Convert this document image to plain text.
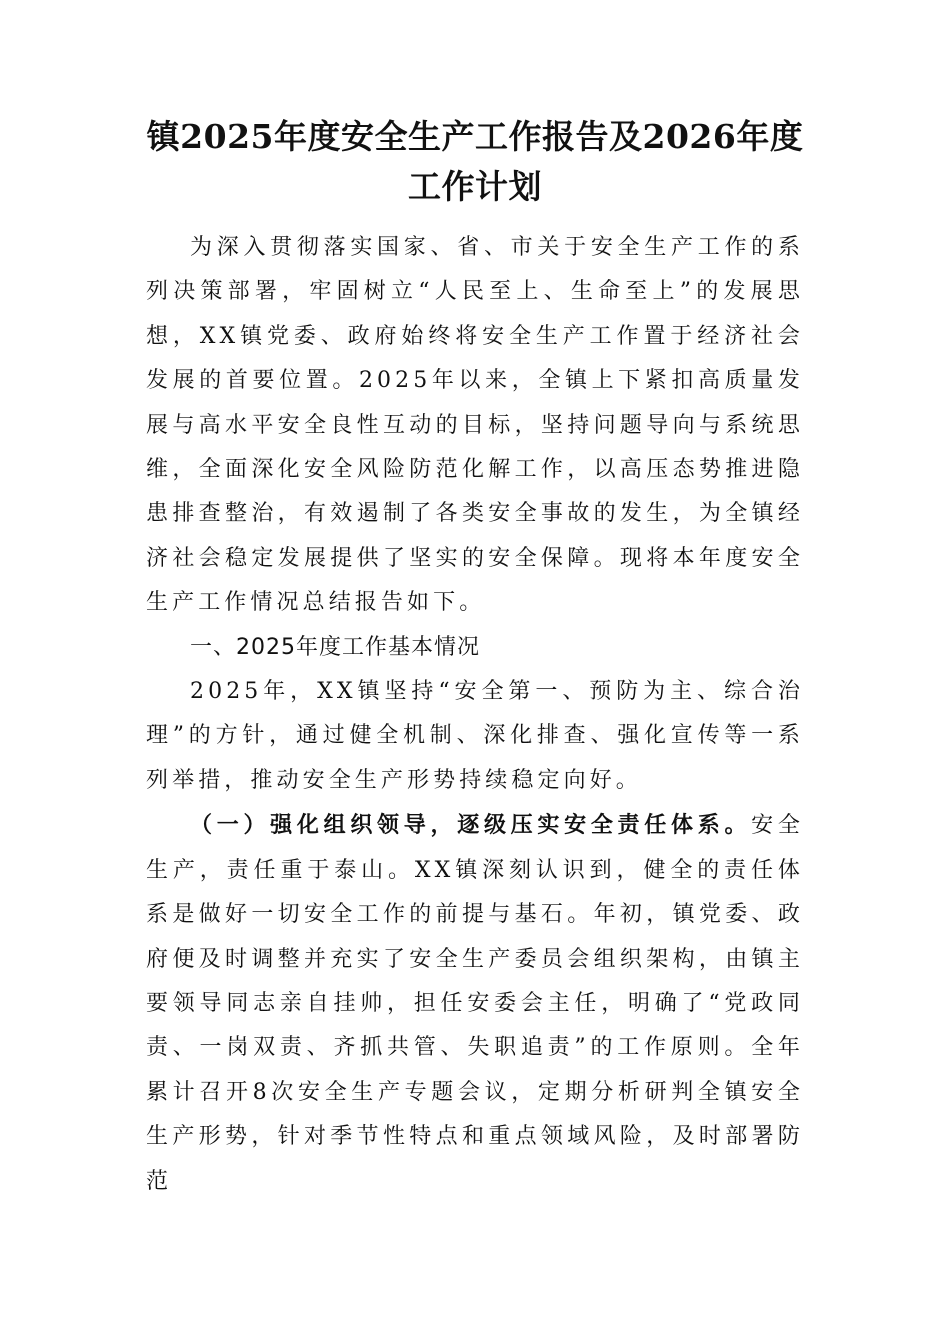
镇2025年度安全生产工作报告及2026年度
工作计划

为深入贯彻落实国家、省、市关于安全生产工作的系列决策部署，牢固树立“人民至上、生命至上”的发展思想，XX镇党委、政府始终将安全生产工作置于经济社会发展的首要位置。2025年以来，全镇上下紧扣高质量发展与高水平安全良性互动的目标，坚持问题导向与系统思维，全面深化安全风险防范化解工作，以高压态势推进隐患排查整治，有效遏制了各类安全事故的发生，为全镇经济社会稳定发展提供了坚实的安全保障。现将本年度安全生产工作情况总结报告如下。

一、2025年度工作基本情况

2025年，XX镇坚持“安全第一、预防为主、综合治理”的方针，通过健全机制、深化排查、强化宣传等一系列举措，推动安全生产形势持续稳定向好。

（一）强化组织领导，逐级压实安全责任体系。安全生产，责任重于泰山。XX镇深刻认识到，健全的责任体系是做好一切安全工作的前提与基石。年初，镇党委、政府便及时调整并充实了安全生产委员会组织架构，由镇主要领导同志亲自挂帅，担任安委会主任，明确了“党政同责、一岗双责、齐抓共管、失职追责”的工作原则。全年累计召开8次安全生产专题会议，定期分析研判全镇安全生产形势，针对季节性特点和重点领域风险，及时部署防范
